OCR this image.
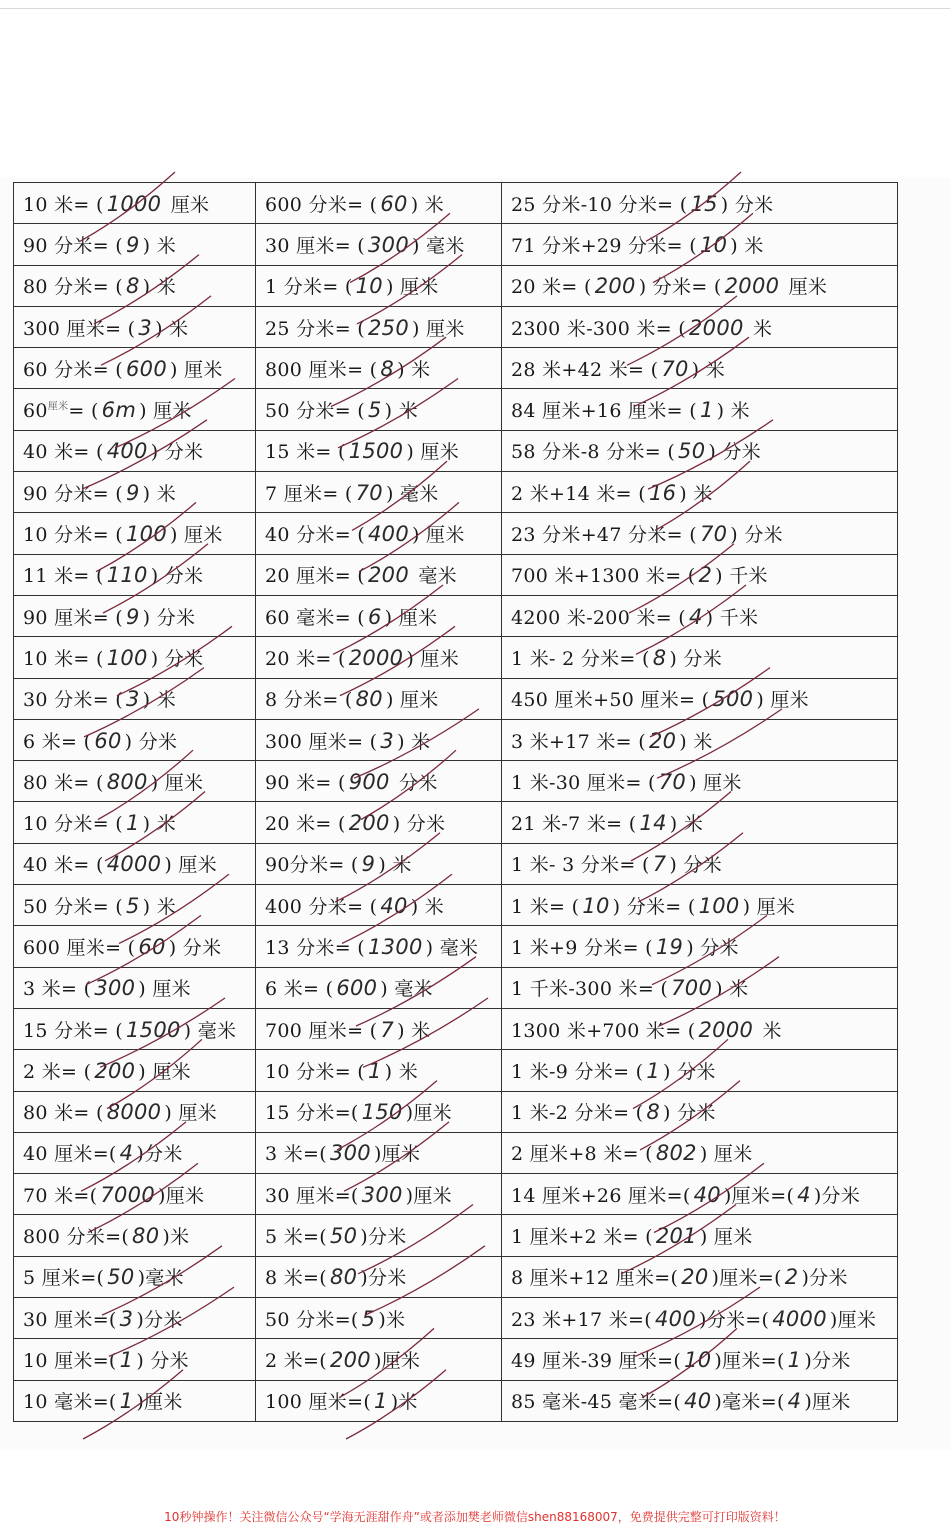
10 米= ( 1000 厘米	600 分米= ( 60 ) 米	25 分米-10 分米= ( 15 ) 分米
90 分米= ( 9 ) 米	30 厘米= ( 300 ) 毫米	71 分米+29 分米= ( 10 ) 米
80 分米= ( 8 ) 米	1 分米= ( 10 ) 厘米	20 米= ( 200 ) 分米= ( 2000 厘米
300 厘米= ( 3 ) 米	25 分米= ( 250 ) 厘米	2300 米-300 米= ( 2000 米
60 分米= ( 600 ) 厘米	800 厘米= ( 8 ) 米	28 米+42 米= ( 70 ) 米
$60^{厘米}=$ ( 6m ) 厘米	50 分米= ( 5 ) 米	84 厘米+16 厘米= ( 1 ) 米
40 米= ( 400 ) 分米	15 米= ( 1500 ) 厘米	58 分米-8 分米= ( 50 ) 分米
90 分米= ( 9 ) 米	7 厘米= ( 70 ) 毫米	2 米+14 米= ( 16 ) 米
10 分米= ( 100 ) 厘米	40 分米= ( 400 ) 厘米	23 分米+47 分米= ( 70 ) 分米
11 米= ( 110 ) 分米	20 厘米= ( 200 毫米	700 米+1300 米= ( 2 ) 千米
90 厘米= ( 9 ) 分米	60 毫米= ( 6 ) 厘米	4200 米-200 米= ( 4 ) 千米
10 米= ( 100 ) 分米	20 米= ( 2000 ) 厘米	1 米- 2 分米= ( 8 ) 分米
30 分米= ( 3 ) 米	8 分米= ( 80 ) 厘米	450 厘米+50 厘米= ( 500 ) 厘米
6 米= ( 60 ) 分米	300 厘米= ( 3 ) 米	3 米+17 米= ( 20 ) 米
80 米= ( 800 ) 厘米	90 米= ( 900 分米	1 米-30 厘米= ( 70 ) 厘米
10 分米= ( 1 ) 米	20 米= ( 200 ) 分米	21 米-7 米= ( 14 ) 米
40 米= ( 4000 ) 厘米	90分米= ( 9 ) 米	1 米- 3 分米= ( 7 ) 分米
50 分米= ( 5 ) 米	400 分米= ( 40 ) 米	1 米= ( 10 ) 分米= ( 100 ) 厘米
600 厘米= ( 60 ) 分米	13 分米= ( 1300 ) 毫米	1 米+9 分米= ( 19 ) 分米
3 米= ( 300 ) 厘米	6 米= ( 600 ) 毫米	1 千米-300 米= ( 700 ) 米
15 分米= ( 1500 ) 毫米	700 厘米= ( 7 ) 米	1300 米+700 米= ( 2000 米
2 米= ( 200 ) 厘米	10 分米= ( 1 ) 米	1 米-9 分米= ( 1 ) 分米
80 米= ( 8000 ) 厘米	15 分米=( 150 )厘米	1 米-2 分米= ( 8 ) 分米
40 厘米=( 4 )分米	3 米=( 300 )厘米	2 厘米+8 米= ( 802 ) 厘米
70 米=( 7000 )厘米	30 厘米=( 300 )厘米	14 厘米+26 厘米=( 40 )厘米=( 4 )分米
800 分米=( 80 )米	5 米=( 50 )分米	1 厘米+2 米= ( 201 ) 厘米
5 厘米=( 50 )毫米	8 米=( 80 )分米	8 厘米+12 厘米=( 20 )厘米=( 2 )分米
30 厘米=( 3 )分米	50 分米=( 5 )米	23 米+17 米=( 400 )分米=( 4000 )厘米
10 厘米=( 1 ) 分米	2 米=( 200 )厘米	49 厘米-39 厘米=( 10 )厘米=( 1 )分米
10 毫米=( 1 )厘米	100 厘米=( 1 )米	85 毫米-45 毫米=( 40 )毫米=( 4 )厘米
10秒钟操作！关注微信公众号“学海无涯甜作舟”或者添加樊老师微信shen88168007，免费提供完整可打印版资料！
